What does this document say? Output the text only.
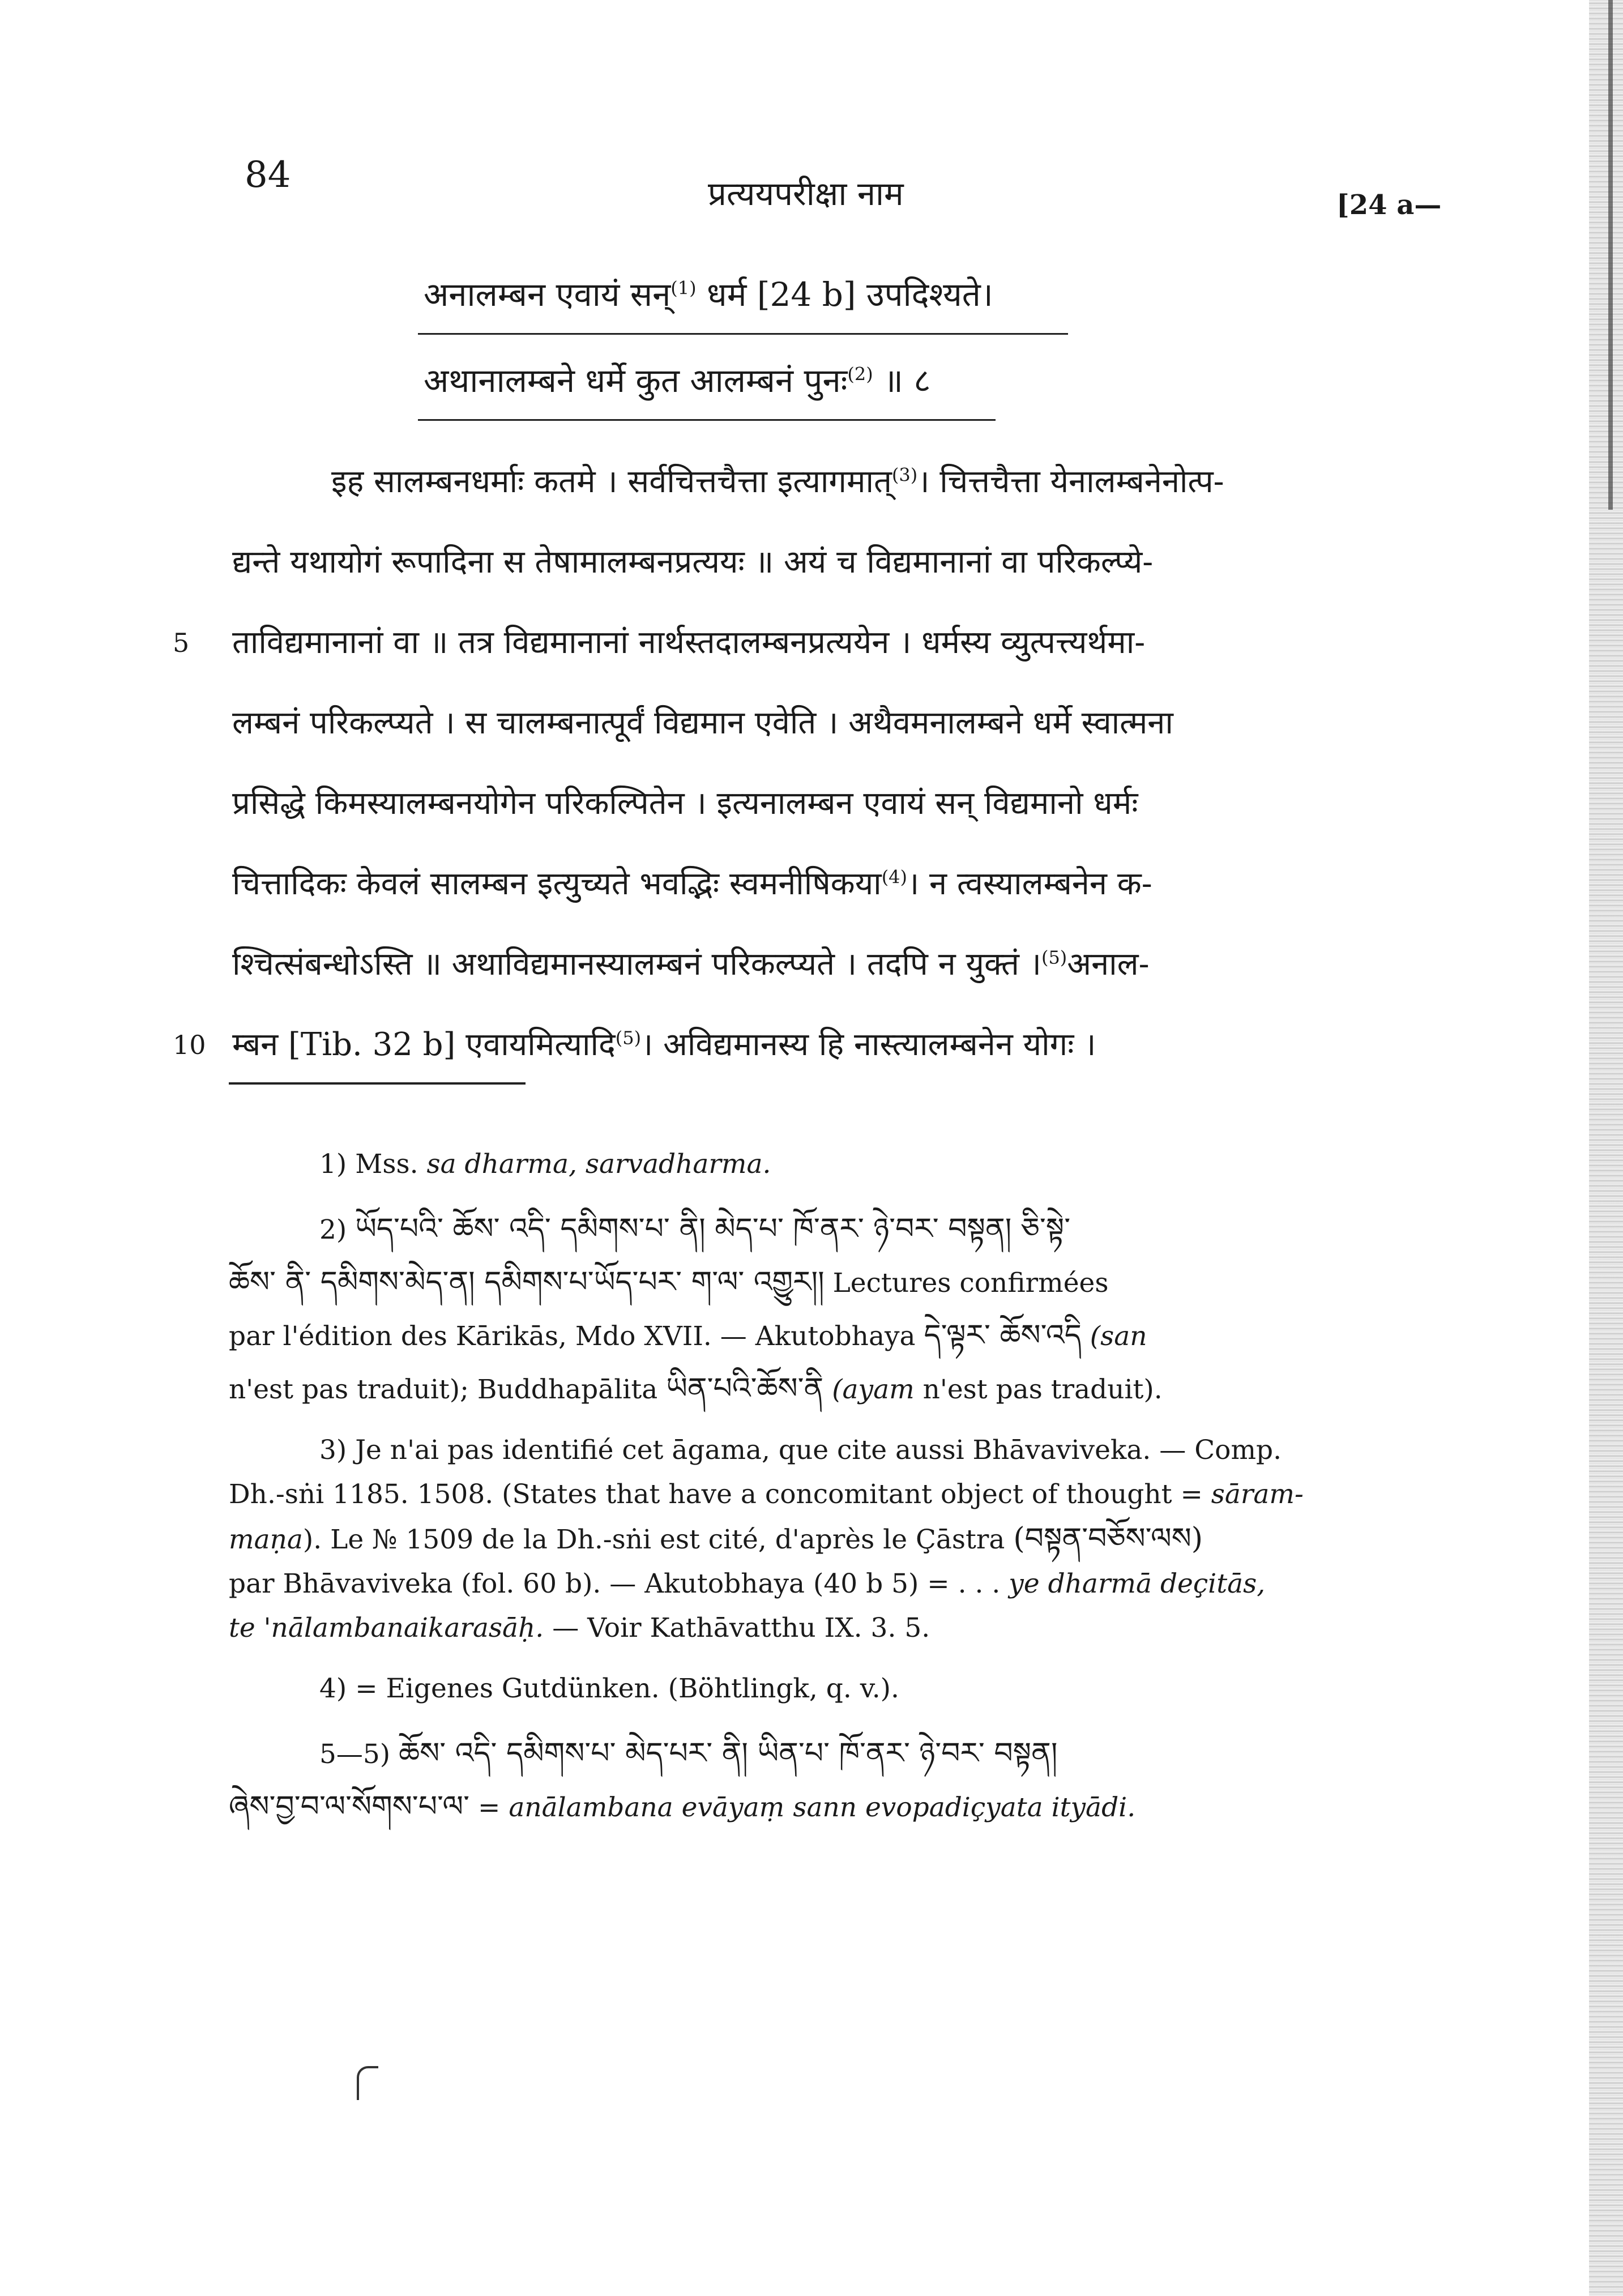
84	प्रत्ययपरीक्षा नाम	[24 a—
अनालम्बन एवायं सन्$^{(1)}$ धर्म [24 b] उपदिश्यते।
अथानालम्बने धर्मे कुत आलम्बनं पुनः$^{(2)}$ ॥ ८
इह सालम्बनधर्माः कतमे । सर्वचित्तचैत्ता इत्यागमात्$^{(3)}$। चित्तचैत्ता येनालम्बनेनोत्प-
द्यन्ते यथायोगं रूपादिना स तेषामालम्बनप्रत्ययः ॥ अयं च विद्यमानानां वा परिकल्प्ये-
5 ताविद्यमानानां वा ॥ तत्र विद्यमानानां नार्थस्तदालम्बनप्रत्ययेन । धर्मस्य व्युत्पत्त्यर्थमा-
लम्बनं परिकल्प्यते । स चालम्बनात्पूर्वं विद्यमान एवेति । अथैवमनालम्बने धर्मे स्वात्मना
प्रसिद्धे किमस्यालम्बनयोगेन परिकल्पितेन । इत्यनालम्बन एवायं सन् विद्यमानो धर्मः
चित्तादिकः केवलं सालम्बन इत्युच्यते भवद्भिः स्वमनीषिकया$^{(4)}$। न त्वस्यालम्बनेन क-
श्चित्संबन्धोऽस्ति ॥ अथाविद्यमानस्यालम्बनं परिकल्प्यते । तदपि न युक्तं ।$^{(5)}$अनाल-
10 म्बन [Tib. 32 b] एवायमित्यादि$^{(5)}$। अविद्यमानस्य हि नास्त्यालम्बनेन योगः ।
1) Mss. sa dharma, sarvadharma.
2) ཡོད་པའི་ ཆོས་ འདི་ དམིགས་པ་ ནི། མེད་པ་ ཁོ་ནར་ ཉེ་བར་ བསྟན། ཅི་སྟེ་
ཆོས་ ནི་ དམིགས་མེད་ན། དམིགས་པ་ཡོད་པར་ ག་ལ་ འགྱུར།། Lectures confirmées
par l'édition des Kārikās, Mdo XVII. — Akutobhaya དེ་ལྟར་ ཆོས་འདི (san
n'est pas traduit); Buddhapālita ཡིན་པའི་ཆོས་ནི (ayam n'est pas traduit).
3) Je n'ai pas identifié cet āgama, que cite aussi Bhāvaviveka. — Comp.
Dh.-sṅi 1185. 1508. (States that have a concomitant object of thought = sāram-
maṇa). Le № 1509 de la Dh.-sṅi est cité, d'après le Çāstra (བསྟན་བཅོས་ལས)
par Bhāvaviveka (fol. 60 b). — Akutobhaya (40 b 5) = . . . ye dharmā deçitās,
te 'nālambanaikarasāḥ. — Voir Kathāvatthu IX. 3. 5.
4) = Eigenes Gutdünken. (Böhtlingk, q. v.).
5—5) ཆོས་ འདི་ དམིགས་པ་ མེད་པར་ ནི། ཡིན་པ་ ཁོ་ནར་ ཉེ་བར་ བསྟན།
ཞེས་བྱ་བ་ལ་སོགས་པ་ལ་ = anālambana evāyaṃ sann evopadiçyata ityādi.
